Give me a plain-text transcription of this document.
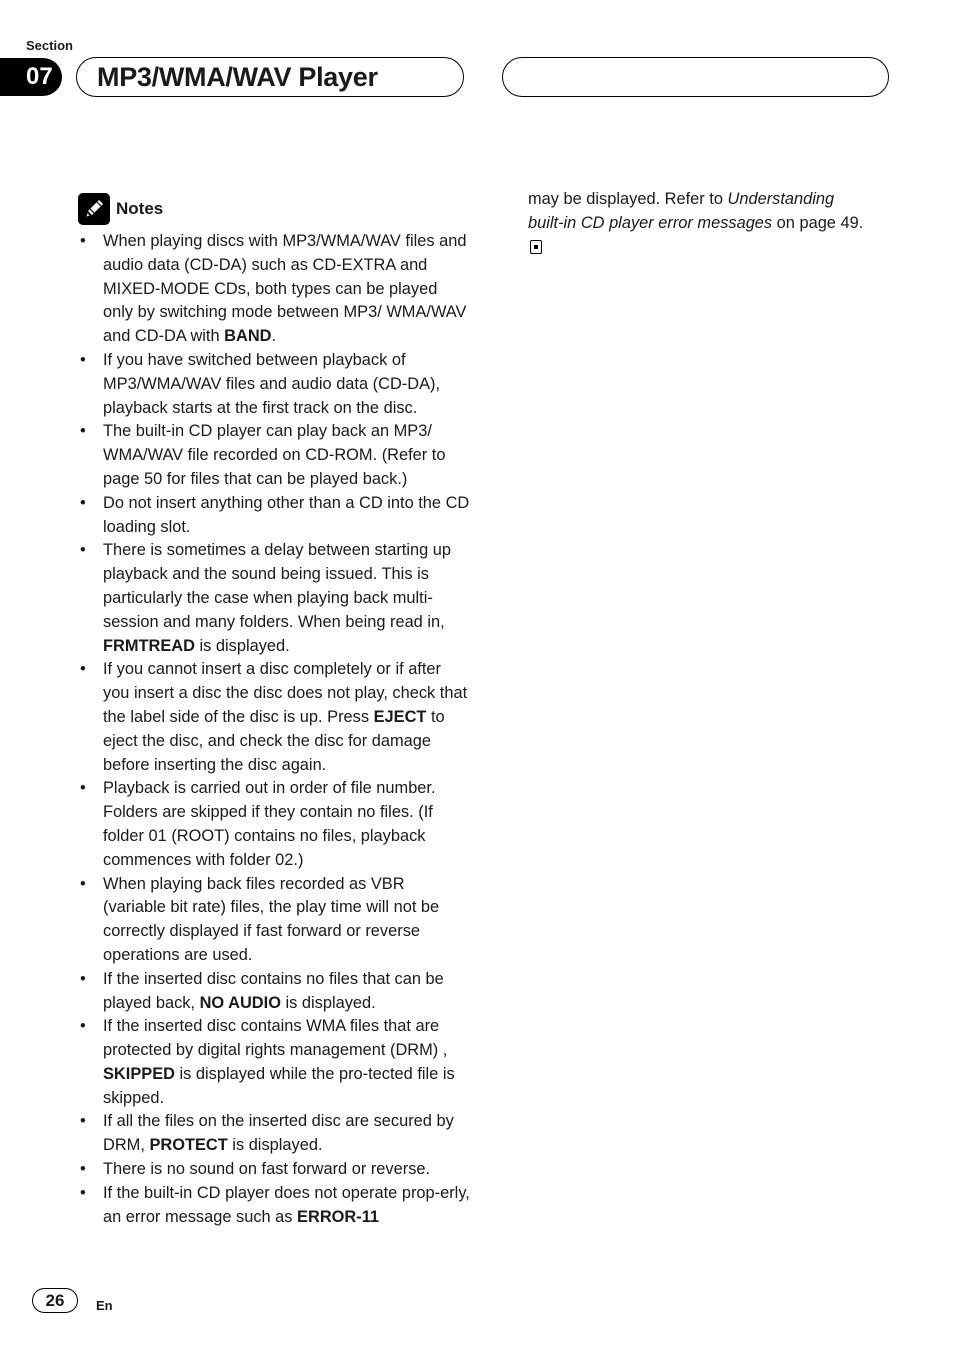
Section
07	MP3/WMA/WAV Player
Notes
• When playing discs with MP3/WMA/WAV files and audio data (CD-DA) such as CD-EXTRA and MIXED-MODE CDs, both types can be played only by switching mode between MP3/ WMA/WAV and CD-DA with BAND.
• If you have switched between playback of MP3/WMA/WAV files and audio data (CD-DA), playback starts at the first track on the disc.
• The built-in CD player can play back an MP3/ WMA/WAV file recorded on CD-ROM. (Refer to page 50 for files that can be played back.)
• Do not insert anything other than a CD into the CD loading slot.
• There is sometimes a delay between starting up playback and the sound being issued. This is particularly the case when playing back multi-session and many folders. When being read in, FRMTREAD is displayed.
• If you cannot insert a disc completely or if after you insert a disc the disc does not play, check that the label side of the disc is up. Press EJECT to eject the disc, and check the disc for damage before inserting the disc again.
• Playback is carried out in order of file number. Folders are skipped if they contain no files. (If folder 01 (ROOT) contains no files, playback commences with folder 02.)
• When playing back files recorded as VBR (variable bit rate) files, the play time will not be correctly displayed if fast forward or reverse operations are used.
• If the inserted disc contains no files that can be played back, NO AUDIO is displayed.
• If the inserted disc contains WMA files that are protected by digital rights management (DRM) , SKIPPED is displayed while the pro-tected file is skipped.
• If all the files on the inserted disc are secured by DRM, PROTECT is displayed.
• There is no sound on fast forward or reverse.
• If the built-in CD player does not operate prop-erly, an error message such as ERROR-11
may be displayed. Refer to Understanding built-in CD player error messages on page 49.
26	En
